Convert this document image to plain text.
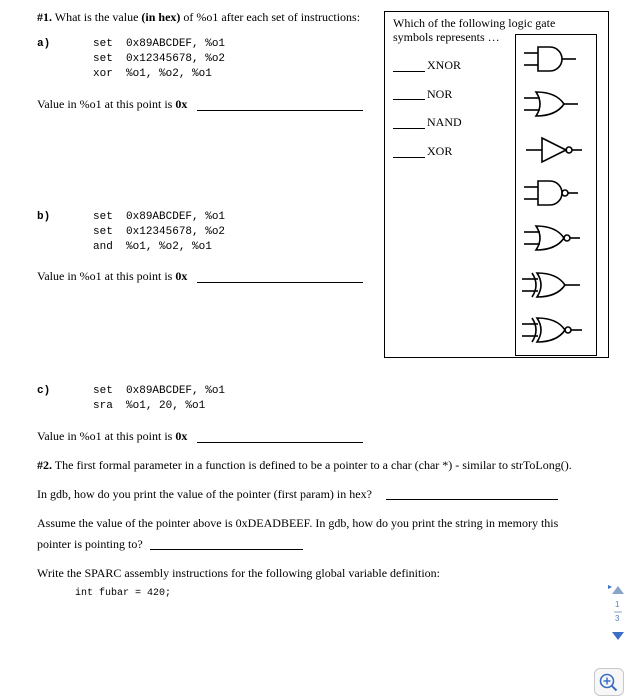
#1. What is the value (in hex) of %o1 after each set of instructions:
a)	set 0x89ABCDEF, %o1
set 0x12345678, %o2
xor %o1, %o2, %o1
Value in %o1 at this point is 0x
b)	set 0x89ABCDEF, %o1
set 0x12345678, %o2
and %o1, %o2, %o1
Value in %o1 at this point is 0x
c)	set 0x89ABCDEF, %o1
sra %o1, 20, %o1
Value in %o1 at this point is 0x
Which of the following logic gate
symbols represents …
XNOR
NOR
NAND
XOR
#2. The first formal parameter in a function is defined to be a pointer to a char (char *) - similar to strToLong().
In gdb, how do you print the value of the pointer (first param) in hex?
Assume the value of the pointer above is 0xDEADBEEF. In gdb, how do you print the string in memory this
pointer is pointing to?
Write the SPARC assembly instructions for the following global variable definition:
int fubar = 420;
1
3
